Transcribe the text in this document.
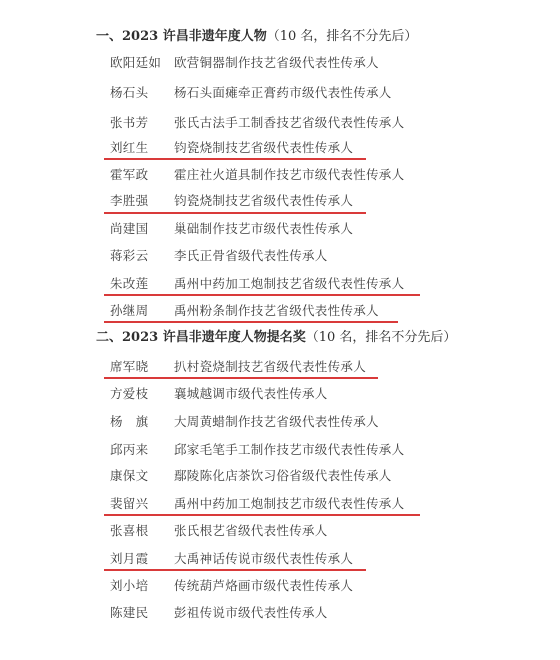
一、2023 许昌非遗年度人物（10 名，排名不分先后）
欧阳廷如 欧营铜器制作技艺省级代表性传承人
杨石头 杨石头面瘫牵正膏药市级代表性传承人
张书芳 张氏古法手工制香技艺省级代表性传承人
刘红生 钧瓷烧制技艺省级代表性传承人
霍军政 霍庄社火道具制作技艺市级代表性传承人
李胜强 钧瓷烧制技艺省级代表性传承人
尚建国 巢础制作技艺市级代表性传承人
蒋彩云 李氏正骨省级代表性传承人
朱改莲 禹州中药加工炮制技艺省级代表性传承人
孙继周 禹州粉条制作技艺省级代表性传承人
二、2023 许昌非遗年度人物提名奖（10 名，排名不分先后）
席军晓 扒村瓷烧制技艺省级代表性传承人
方爱枝 襄城越调市级代表性传承人
杨　旗 大周黄蜡制作技艺省级代表性传承人
邱丙来 邱家毛笔手工制作技艺市级代表性传承人
康保文 鄢陵陈化店茶饮习俗省级代表性传承人
裴留兴 禹州中药加工炮制技艺市级代表性传承人
张喜根 张氏根艺省级代表性传承人
刘月霞 大禹神话传说市级代表性传承人
刘小培 传统葫芦烙画市级代表性传承人
陈建民 彭祖传说市级代表性传承人
